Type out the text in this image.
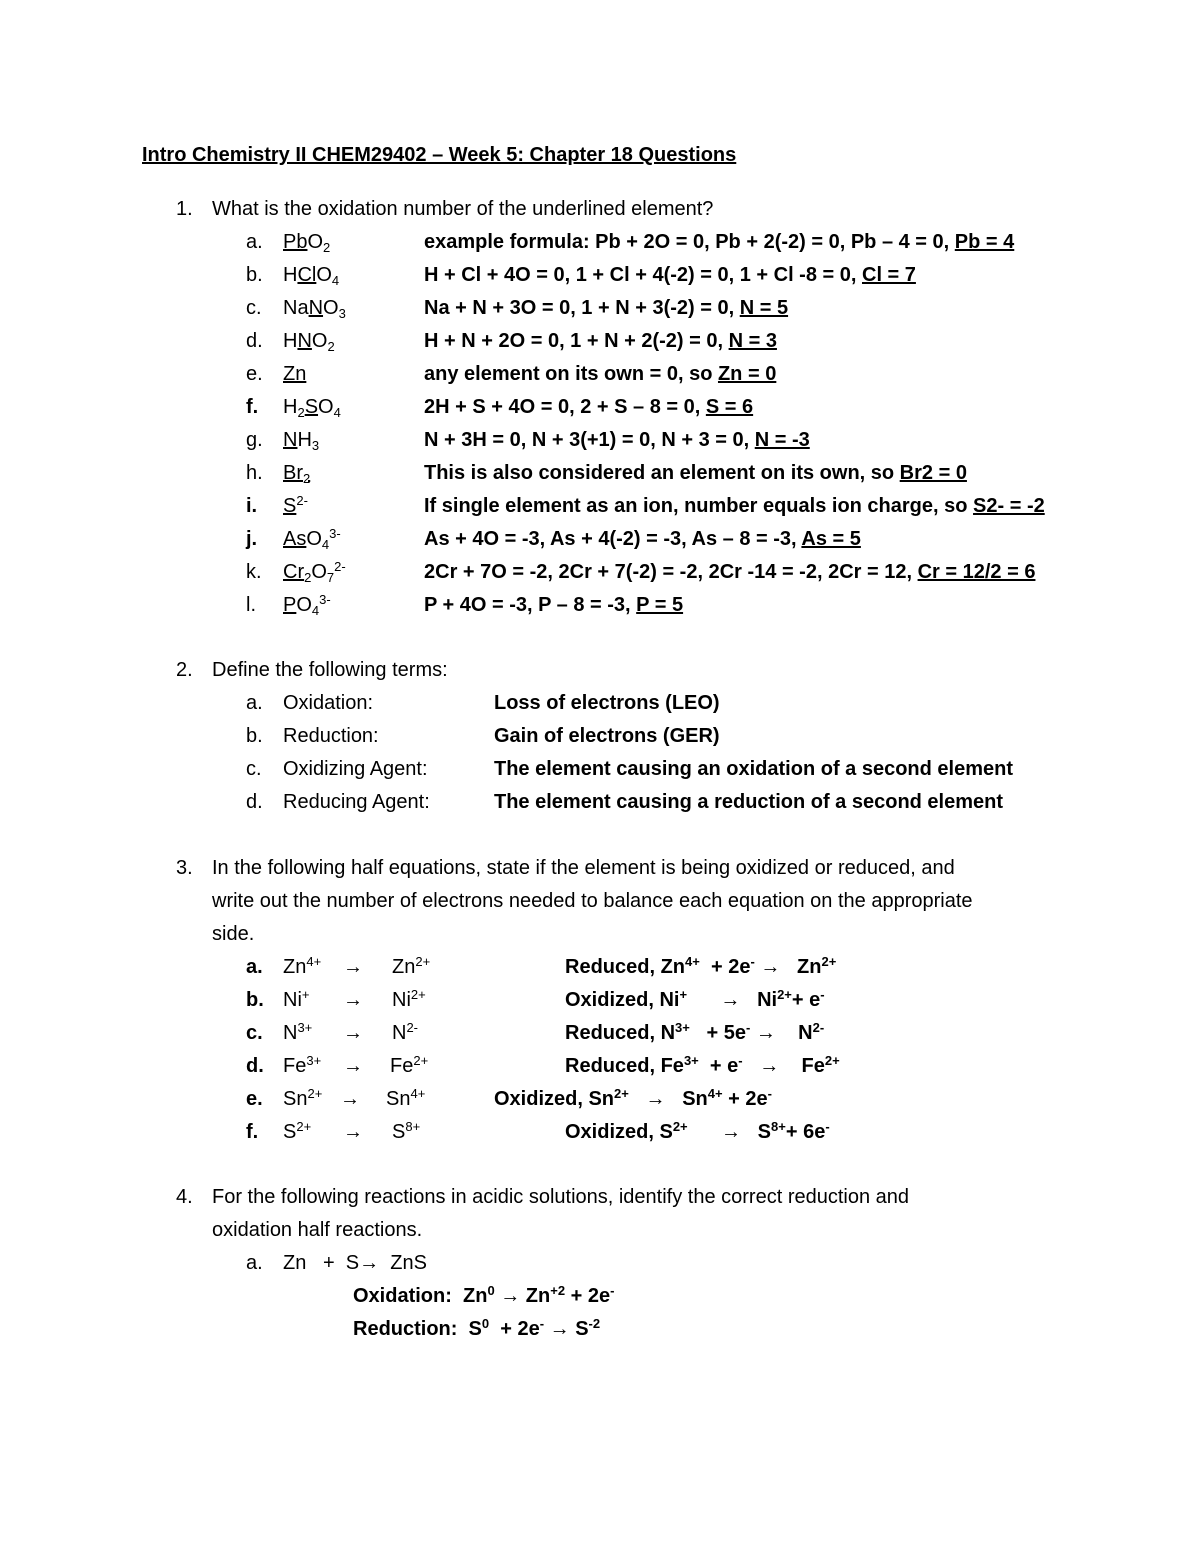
Intro Chemistry II CHEM29402 – Week 5: Chapter 18 Questions
1. What is the oxidation number of the underlined element?
a. PbO$_2$	example formula: Pb + 2O = 0, Pb + 2(-2) = 0, Pb – 4 = 0, Pb = 4
b. HClO$_4$	H + Cl + 4O = 0, 1 + Cl + 4(-2) = 0, 1 + Cl -8 = 0, Cl = 7
c. NaNO$_3$	Na + N + 3O = 0, 1 + N + 3(-2) = 0, N = 5
d. $HNO_2$	H + N + 2O = 0, 1 + N + 2(-2) = 0, N = 3
e. Zn	any element on its own = 0, so Zn = 0
f. $H_2SO_4$	2H + S + 4O = 0, 2 + S – 8 = 0, S = 6
g. $NH_3$	N + 3H = 0, N + 3(+1) = 0, N + 3 = 0, N = -3
h. $Br_2$	This is also considered an element on its own, so Br2 = 0
i. $S^{2-}$	If single element as an ion, number equals ion charge, so S2- = -2
j. AsO$_4^{3-}$	As + 4O = -3, As + 4(-2) = -3, As – 8 = -3, As = 5
k. $Cr_2O_7^{2-}$	2Cr + 7O = -2, 2Cr + 7(-2) = -2, 2Cr -14 = -2, 2Cr = 12, Cr = 12/2 = 6
l. $PO_4^{3-}$	P + 4O = -3, P – 8 = -3, P = 5
2. Define the following terms:
a. Oxidation:	Loss of electrons (LEO)
b. Reduction:	Gain of electrons (GER)
c. Oxidizing Agent:	The element causing an oxidation of a second element
d. Reducing Agent:	The element causing a reduction of a second element
3. In the following half equations, state if the element is being oxidized or reduced, and
write out the number of electrons needed to balance each equation on the appropriate
side.
a. $Zn^{4+} \to Zn^{2+}$	Reduced, $Zn^{4+} + 2e^- \to Zn^{2+}$
b. $Ni^+ \to Ni^{2+}$	Oxidized, $Ni^+ \to Ni^{2+}+ e^-$
c. $N^{3+} \to N^{2-}$	Reduced, $N^{3+} + 5e^-$ →    $N^{2-}$
d. $Fe^{3+} \to Fe^{2+}$	Reduced, $Fe^{3+} + e^-$ →    $Fe^{2+}$
e. $Sn^{2+} \to Sn^{4+}$	Oxidized, $Sn^{2+} \to Sn^{4+} + 2e^-$
f. $S^{2+} \to S^{8+}$	Oxidized, $S^{2+} \to S^{8+}+ 6e^-$
4. For the following reactions in acidic solutions, identify the correct reduction and
oxidation half reactions.
a. Zn   +  S→  ZnS
Oxidation:  $Zn^0 \to Zn^{+2} + 2e^-$
Reduction:  $S^0 + 2e^- \to S^{-2}$
